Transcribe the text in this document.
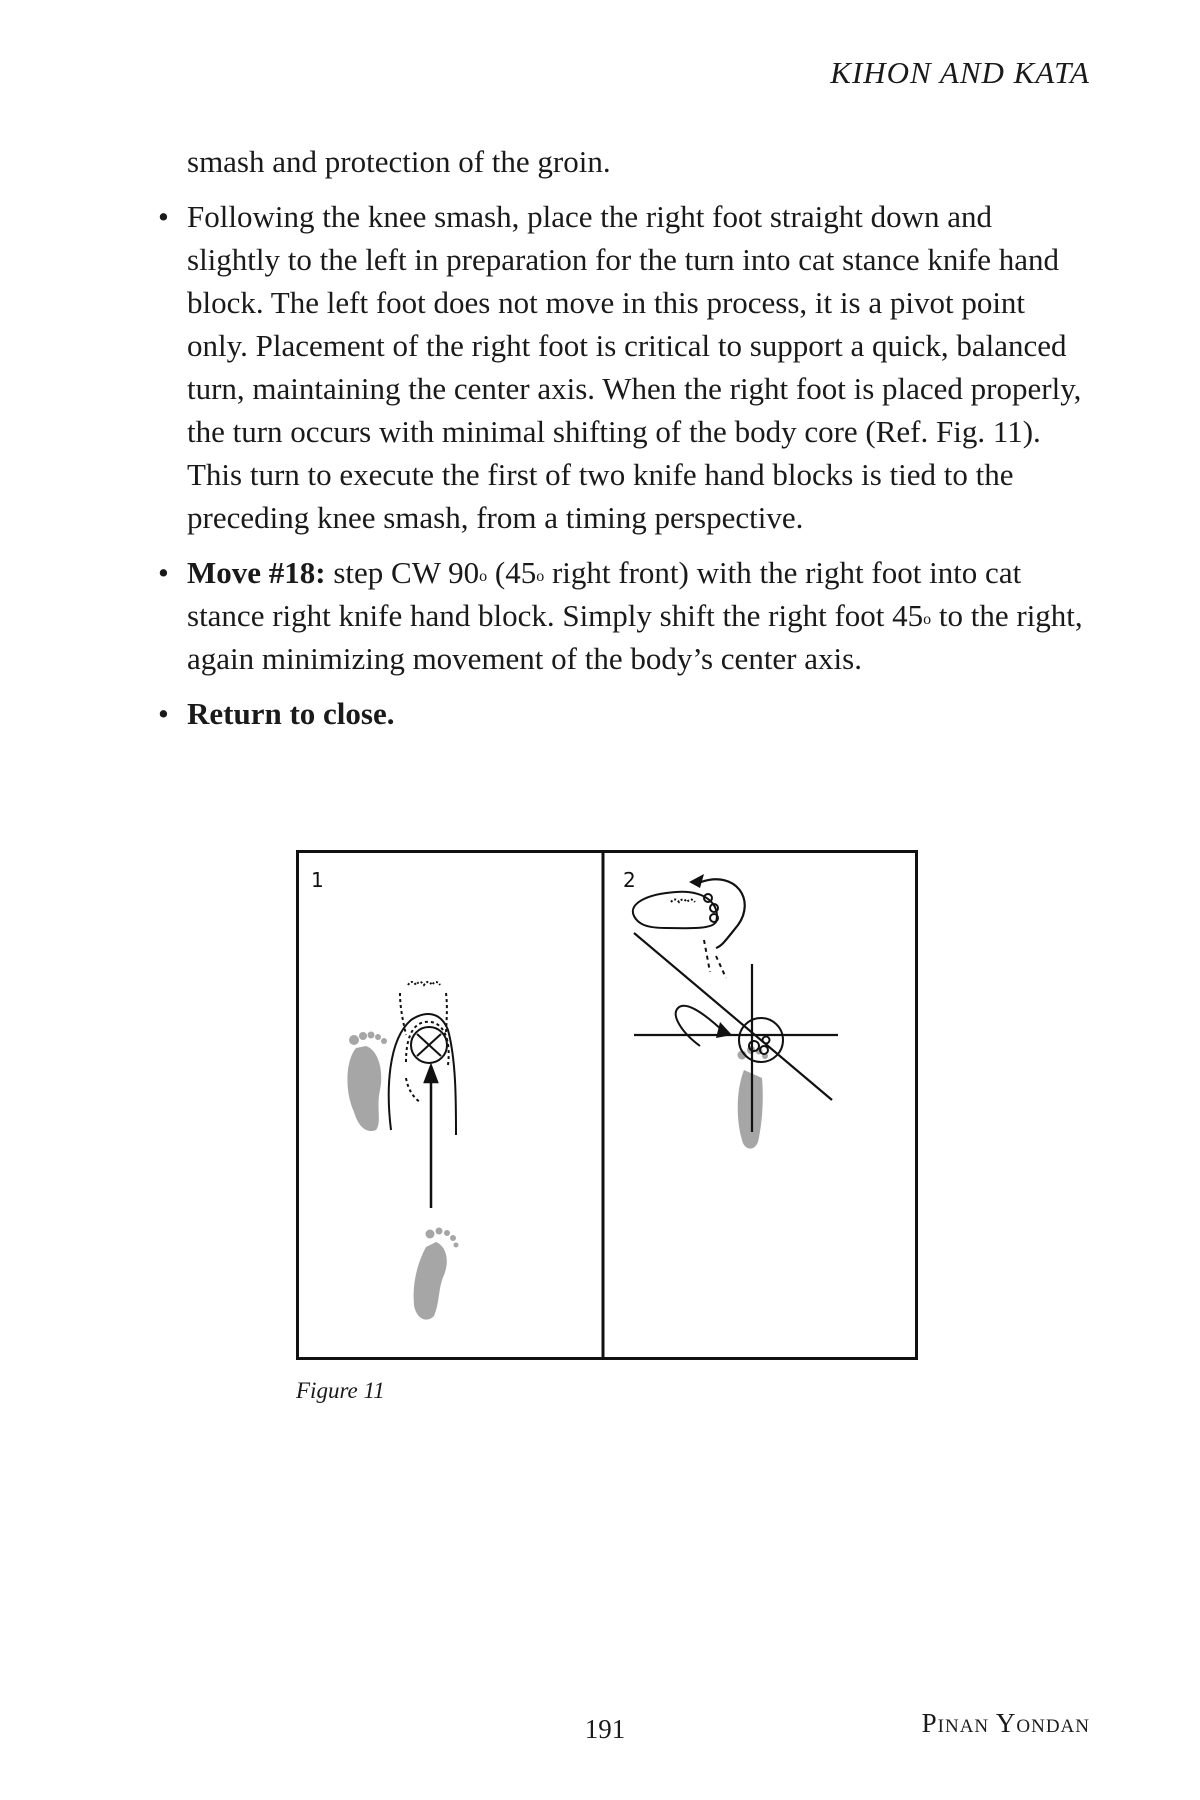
KIHON AND KATA

smash and protection of the groin.

• Following the knee smash, place the right foot straight down and slightly to the left in preparation for the turn into cat stance knife hand block. The left foot does not move in this process, it is a pivot point only. Placement of the right foot is critical to support a quick, balanced turn, maintaining the center axis. When the right foot is placed properly, the turn occurs with minimal shifting of the body core (Ref. Fig. 11). This turn to execute the first of two knife hand blocks is tied to the preceding knee smash, from a timing perspective.
• Move #18: step CW 90$^o$ (45$^o$ right front) with the right foot into cat stance right knife hand block. Simply shift the right foot 45$^o$ to the right, again minimizing movement of the body’s center axis.
• Return to close.
1	2
Figure 11
191	Pinan Yondan
